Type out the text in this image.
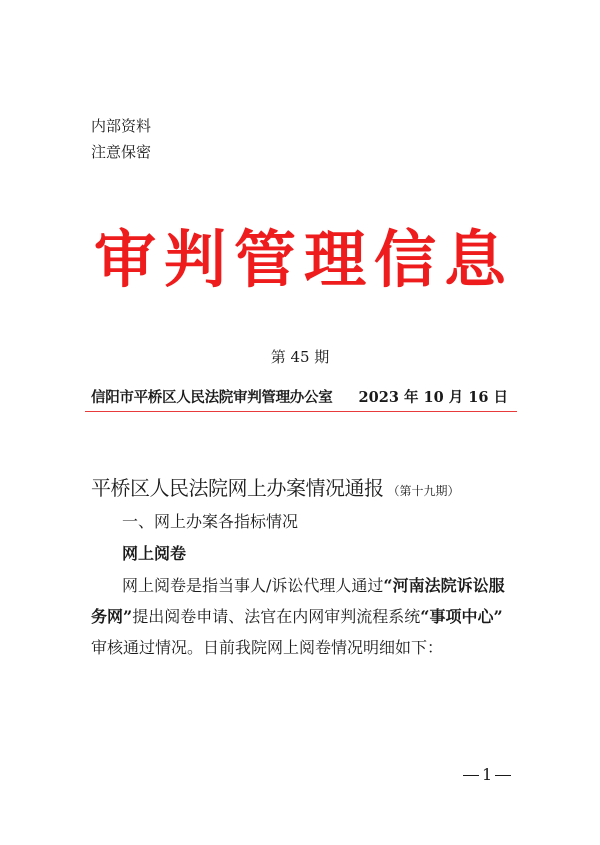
内部资料
注意保密
审判管理信息
第 45 期
信阳市平桥区人民法院审判管理办公室 2023 年 10 月 16 日
平桥区人民法院网上办案情况通报 （第十九期）
一、网上办案各指标情况
网上阅卷
网上阅卷是指当事人/诉讼代理人通过“河南法院诉讼服
务网”提出阅卷申请、法官在内网审判流程系统“事项中心”
审核通过情况。日前我院网上阅卷情况明细如下：
1
